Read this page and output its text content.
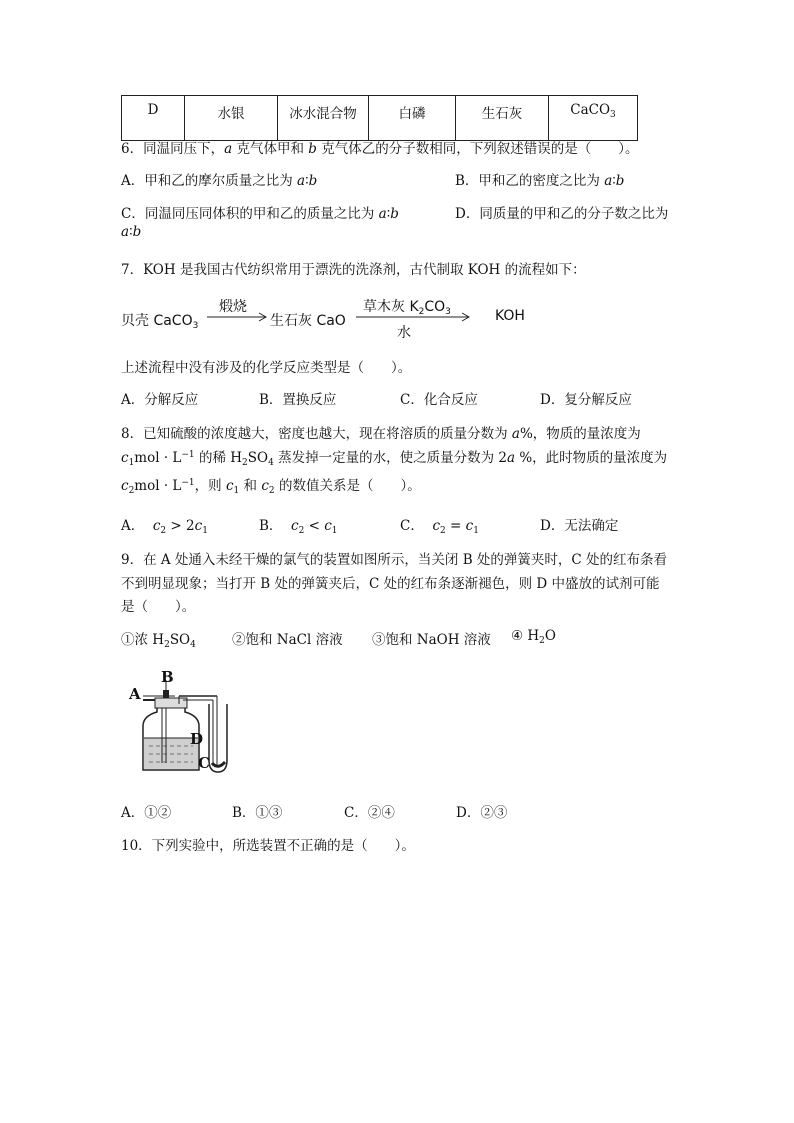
D	水银	冰水混合物	白磷	生石灰	CaCO$_3$
6．同温同压下，a 克气体甲和 b 克气体乙的分子数相同，下列叙述错误的是（　　）。
A．甲和乙的摩尔质量之比为 a∶b	B．甲和乙的密度之比为 a∶b
C．同温同压同体积的甲和乙的质量之比为 a∶b	D．同质量的甲和乙的分子数之比为
a∶b
7．KOH 是我国古代纺织常用于漂洗的洗涤剂，古代制取 KOH 的流程如下：
贝壳 CaCO$_3$
煅烧
生石灰 CaO
草木灰 $K_2CO_3$
水
KOH
上述流程中没有涉及的化学反应类型是（　　）。
A．分解反应	B．置换反应	C．化合反应	D．复分解反应
8．已知硫酸的浓度越大，密度也越大，现在将溶质的质量分数为 a%，物质的量浓度为
$c_1mol \cdot L^{-1}$ 的稀 $H_2SO_4$ 蒸发掉一定量的水，使之质量分数为 2a %，此时物质的量浓度为
$c_2mol \cdot L^{-1}$，则 $c_1$ 和 $c_2$ 的数值关系是（　　）。
A． $c_2 > 2c_1$	B． $c_2 < c_1$	C． $c_2 = c_1$	D．无法确定
9．在 A 处通入未经干燥的氯气的装置如图所示，当关闭 B 处的弹簧夹时，C 处的红布条看
不到明显现象；当打开 B 处的弹簧夹后，C 处的红布条逐渐褪色，则 D 中盛放的试剂可能
是（　　）。
①浓 $H_2SO_4$	②饱和 NaCl 溶液 ③饱和 NaOH 溶液 ④ $H_2O$
A
B
D
C
A．①②	B．①③	C．②④	D．②③
10．下列实验中，所选装置不正确的是（　　）。
